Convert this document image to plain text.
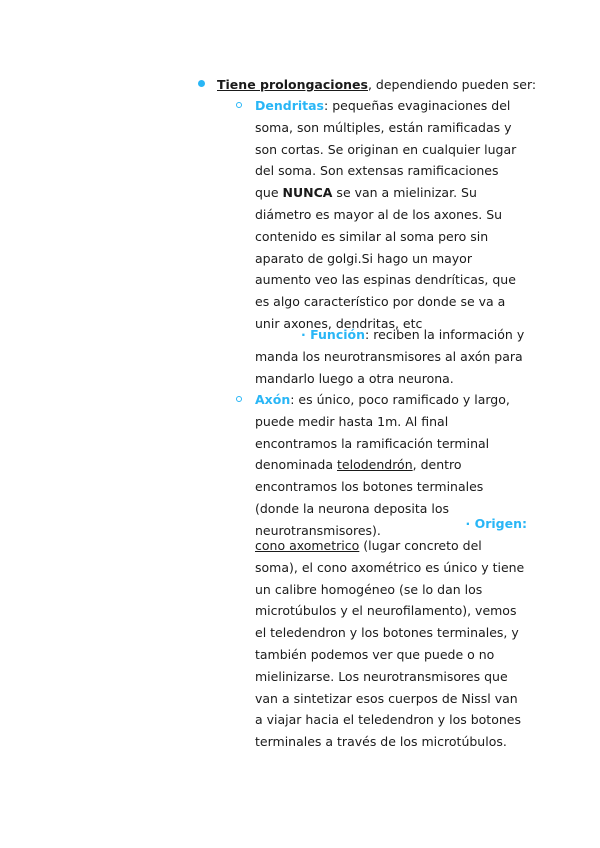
Tiene prolongaciones, dependiendo pueden ser:
Dendritas: pequeñas evaginaciones del soma, son múltiples, están ramificadas y son cortas. Se originan en cualquier lugar del soma. Son extensas ramificaciones que NUNCA se van a mielinizar. Su diámetro es mayor al de los axones. Su contenido es similar al soma pero sin aparato de golgi.Si hago un mayor aumento veo las espinas dendríticas, que es algo característico por donde se va a unir axones, dendritas, etc
· Función: reciben la información y manda los neurotransmisores al axón para mandarlo luego a otra neurona.
Axón: es único, poco ramificado y largo, puede medir hasta 1m. Al final encontramos la ramificación terminal denominada telodendrón, dentro encontramos los botones terminales (donde la neurona deposita los neurotransmisores).	· Origen:
cono axometrico (lugar concreto del soma), el cono axométrico es único y tiene un calibre homogéneo (se lo dan los microtúbulos y el neurofilamento), vemos el teledendron y los botones terminales, y también podemos ver que puede o no mielinizarse. Los neurotransmisores que van a sintetizar esos cuerpos de Nissl van a viajar hacia el teledendron y los botones terminales a través de los microtúbulos.
